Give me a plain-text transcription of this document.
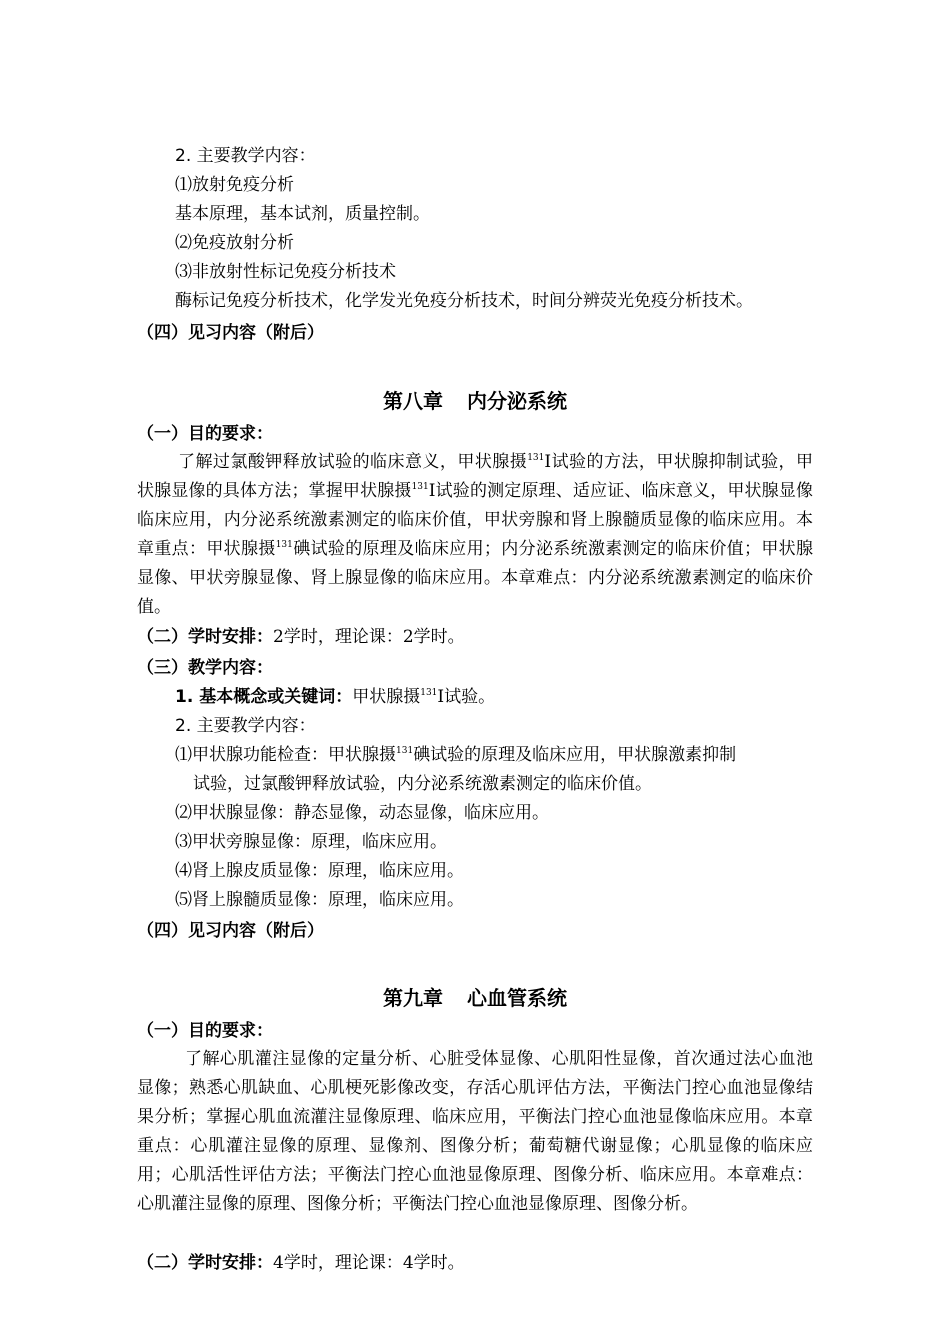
2. 主要教学内容：
⑴放射免疫分析
基本原理，基本试剂，质量控制。
⑵免疫放射分析
⑶非放射性标记免疫分析技术
酶标记免疫分析技术，化学发光免疫分析技术，时间分辨荧光免疫分析技术。
（四）见习内容（附后）
第八章 内分泌系统
（一）目的要求：
了解过氯酸钾释放试验的临床意义，甲状腺摄$^{131}$I试验的方法，甲状腺抑制试验，甲状腺显像的具体方法；掌握甲状腺摄$^{131}$I试验的测定原理、适应证、临床意义，甲状腺显像临床应用，内分泌系统激素测定的临床价值，甲状旁腺和肾上腺髓质显像的临床应用。本章重点：甲状腺摄$^{131}$碘试验的原理及临床应用；内分泌系统激素测定的临床价值；甲状腺显像、甲状旁腺显像、肾上腺显像的临床应用。本章难点：内分泌系统激素测定的临床价值。
（二）学时安排：2学时，理论课：2学时。
（三）教学内容：
1. 基本概念或关键词：甲状腺摄$^{131}$I试验。
2. 主要教学内容：
⑴甲状腺功能检查：甲状腺摄$^{131}$碘试验的原理及临床应用，甲状腺激素抑制
试验，过氯酸钾释放试验，内分泌系统激素测定的临床价值。
⑵甲状腺显像：静态显像，动态显像，临床应用。
⑶甲状旁腺显像：原理，临床应用。
⑷肾上腺皮质显像：原理，临床应用。
⑸肾上腺髓质显像：原理，临床应用。
（四）见习内容（附后）
第九章 心血管系统
（一）目的要求：
了解心肌灌注显像的定量分析、心脏受体显像、心肌阳性显像，首次通过法心血池显像；熟悉心肌缺血、心肌梗死影像改变，存活心肌评估方法，平衡法门控心血池显像结果分析；掌握心肌血流灌注显像原理、临床应用，平衡法门控心血池显像临床应用。本章重点：心肌灌注显像的原理、显像剂、图像分析；葡萄糖代谢显像；心肌显像的临床应用；心肌活性评估方法；平衡法门控心血池显像原理、图像分析、临床应用。本章难点：心肌灌注显像的原理、图像分析；平衡法门控心血池显像原理、图像分析。
（二）学时安排：4学时，理论课：4学时。
